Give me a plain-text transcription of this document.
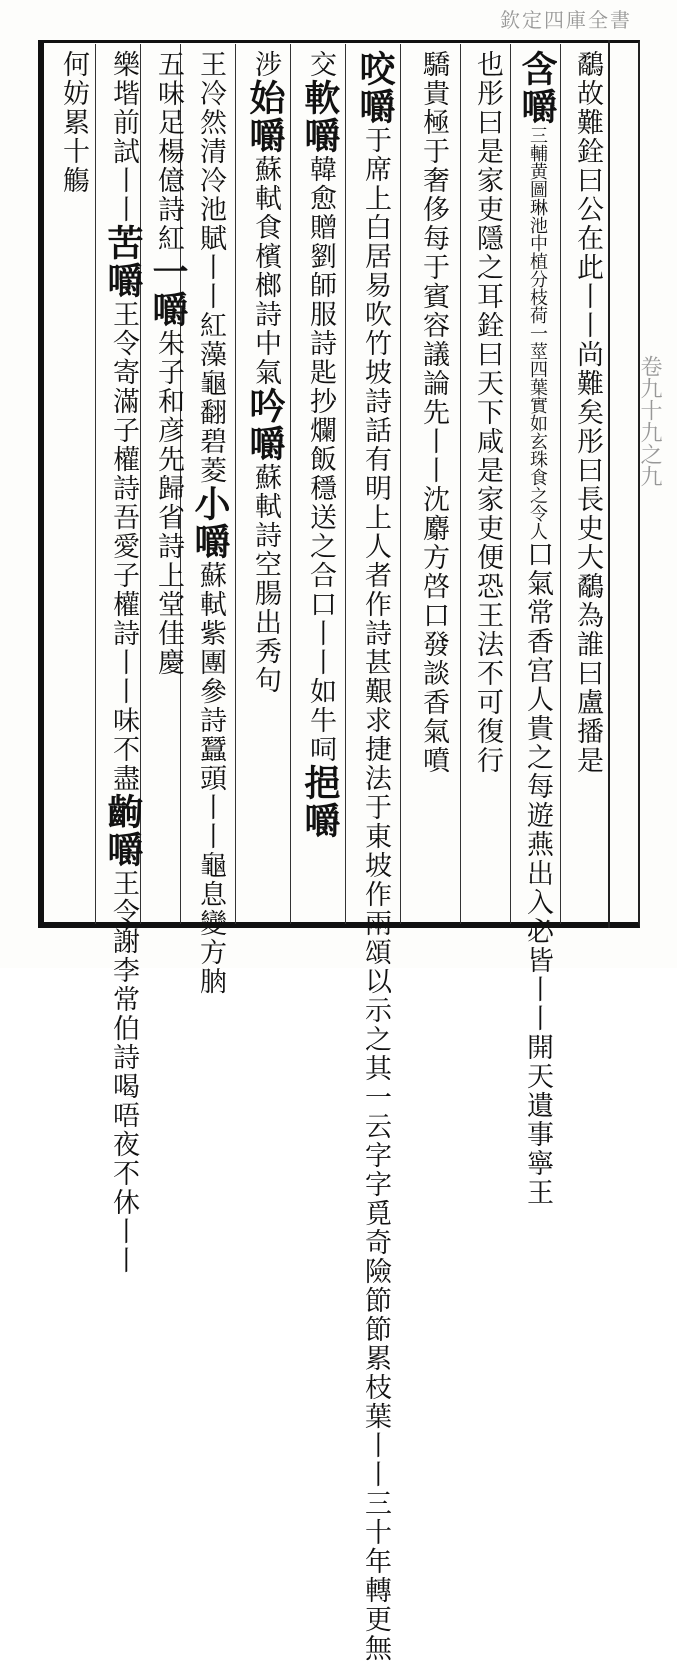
欽定四庫全書
卷九十九之九
鷸故難銓曰公在此丨丨尚難矣彤曰長史大鷸為誰曰盧播是
含嚼三輔黄圖琳池中植分枝荷一莖四葉實如玄珠食之令人口氣常香宫人貴之每遊燕出入必皆丨丨開天遺事寧王
也彤曰是家吏隱之耳銓曰天下咸是家吏便恐王法不可復行
驕貴極于奢侈每于賓容議論先丨丨沈麝方啓口發談香氣噴
咬嚼于席上白居易吹竹坡詩話有明上人者作詩甚艱求捷法于東坡作兩頌以示之其一云字字覓奇險節節累枝葉丨丨三十年轉更無
交軟嚼韓愈贈劉師服詩匙抄爛飯穩送之合口丨丨如牛呞挹嚼
涉始嚼蘇軾食檳榔詩中氣吟嚼蘇軾詩空腸出秀句
王冷然清冷池賦丨丨紅藻龜翻碧菱小嚼蘇軾紫團參詩蠶頭丨丨龜息變方朒
五味足楊億詩紅一嚼朱子和彦先歸省詩上堂佳慶
樂堦前試丨丨苦嚼王令寄滿子權詩吾愛子權詩丨丨味不盡齣嚼王令謝李常伯詩喝唔夜不休丨丨
何妨累十觴
